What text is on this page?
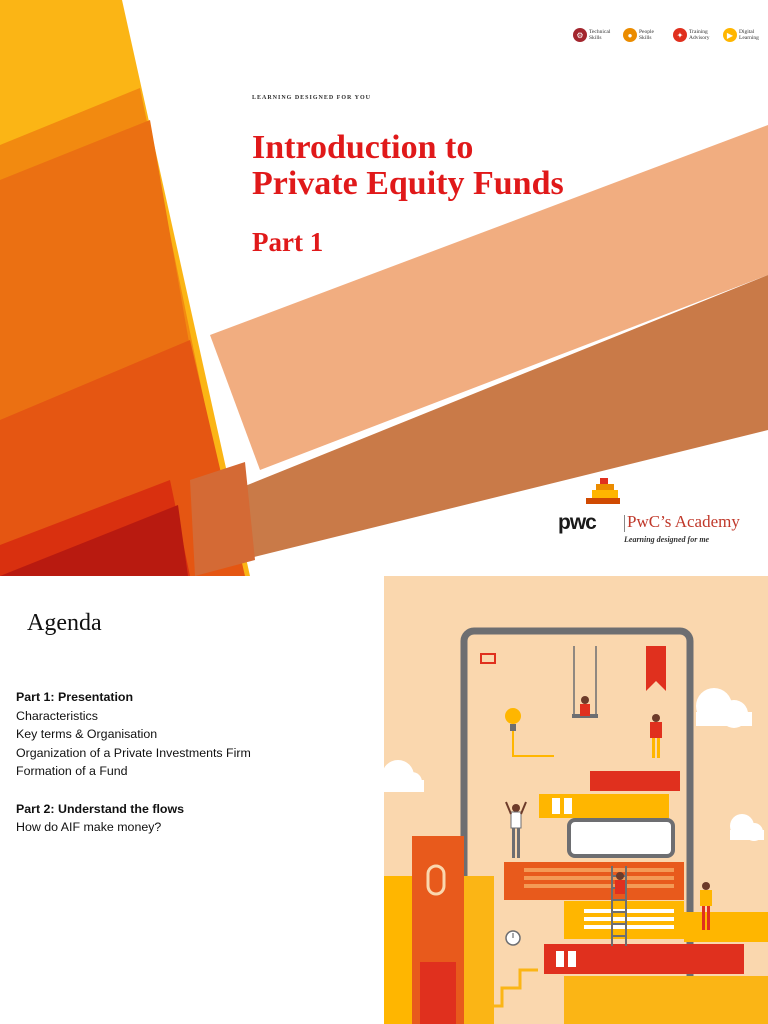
⚙ Technical
Skills	●	People
Skills	✦	Training
Advisory	▶	Digital
Learning
LEARNING DESIGNED FOR YOU
Introduction to
Private Equity Funds
Part 1
pwc PwC’s Academy
Learning designed for me
Agenda
Part 1: Presentation
Characteristics
Key terms & Organisation
Organization of a Private Investments Firm
Formation of a Fund
Part 2: Understand the flows
How do AIF make money?
